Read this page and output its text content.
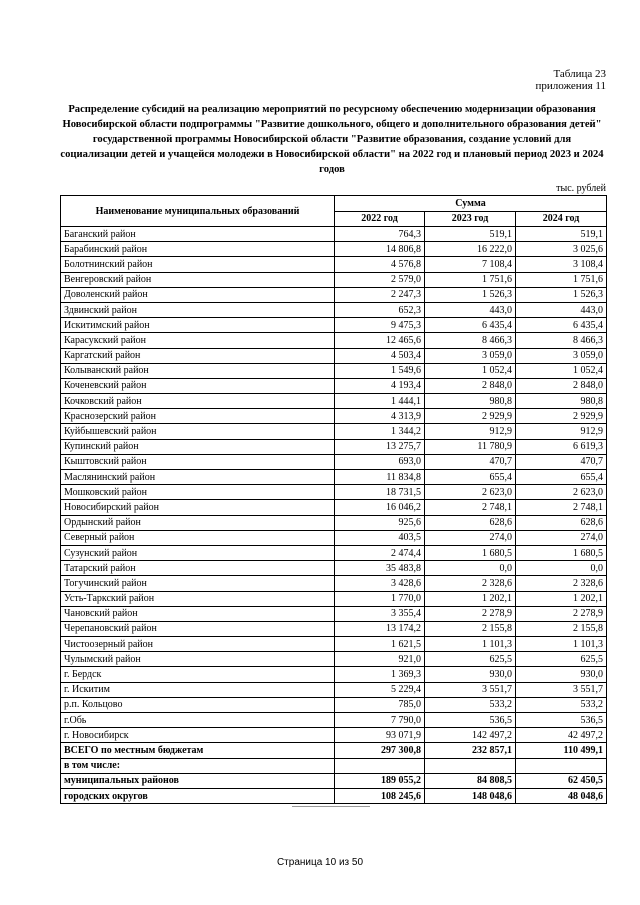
Таблица 23
приложения 11
Распределение субсидий на реализацию мероприятий по ресурсному обеспечению модернизации образования Новосибирской области подпрограммы "Развитие дошкольного, общего и дополнительного образования детей" государственной программы Новосибирской области "Развитие образования, создание условий для социализации детей и учащейся молодежи в Новосибирской области" на 2022 год и плановый период 2023 и 2024 годов
тыс. рублей
Наименование муниципальных образований	Сумма		
	2022 год	2023 год	2024 год
Баганский район	764,3	519,1	519,1
Барабинский район	14 806,8	16 222,0	3 025,6
Болотнинский район	4 576,8	7 108,4	3 108,4
Венгеровский район	2 579,0	1 751,6	1 751,6
Доволенский район	2 247,3	1 526,3	1 526,3
Здвинский район	652,3	443,0	443,0
Искитимский район	9 475,3	6 435,4	6 435,4
Карасукский район	12 465,6	8 466,3	8 466,3
Каргатский район	4 503,4	3 059,0	3 059,0
Колыванский район	1 549,6	1 052,4	1 052,4
Коченевский район	4 193,4	2 848,0	2 848,0
Кочковский район	1 444,1	980,8	980,8
Краснозерский район	4 313,9	2 929,9	2 929,9
Куйбышевский район	1 344,2	912,9	912,9
Купинский район	13 275,7	11 780,9	6 619,3
Кыштовский район	693,0	470,7	470,7
Маслянинский район	11 834,8	655,4	655,4
Мошковский район	18 731,5	2 623,0	2 623,0
Новосибирский район	16 046,2	2 748,1	2 748,1
Ордынский район	925,6	628,6	628,6
Северный район	403,5	274,0	274,0
Сузунский район	2 474,4	1 680,5	1 680,5
Татарский район	35 483,8	0,0	0,0
Тогучинский район	3 428,6	2 328,6	2 328,6
Усть-Таркский район	1 770,0	1 202,1	1 202,1
Чановский район	3 355,4	2 278,9	2 278,9
Черепановский район	13 174,2	2 155,8	2 155,8
Чистоозерный район	1 621,5	1 101,3	1 101,3
Чулымский район	921,0	625,5	625,5
г. Бердск	1 369,3	930,0	930,0
г. Искитим	5 229,4	3 551,7	3 551,7
р.п. Кольцово	785,0	533,2	533,2
г.Обь	7 790,0	536,5	536,5
г. Новосибирск	93 071,9	142 497,2	42 497,2
ВСЕГО по местным бюджетам	297 300,8	232 857,1	110 499,1
в том числе:			
муниципальных районов	189 055,2	84 808,5	62 450,5
городских округов	108 245,6	148 048,6	48 048,6
Страница 10 из 50
